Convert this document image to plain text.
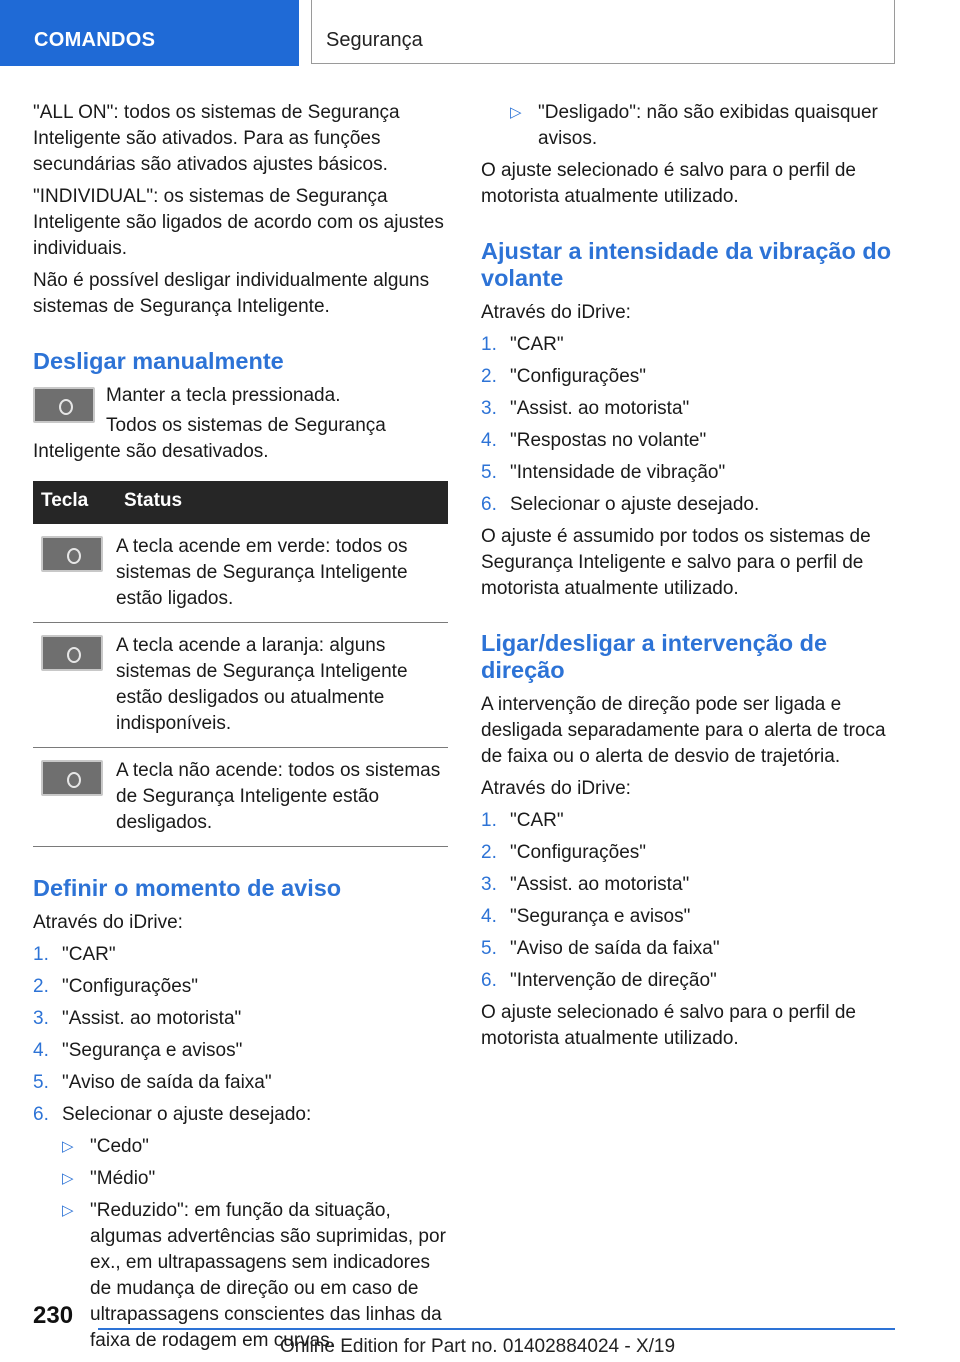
COMANDOS	Segurança

"ALL ON": todos os sistemas de Segurança Inteligente são ativados. Para as funções secundárias são ativados ajustes básicos.

"INDIVIDUAL": os sistemas de Segurança Inteligente são ligados de acordo com os ajustes individuais.

Não é possível desligar individualmente alguns sistemas de Segurança Inteligente.

Desligar manualmente

Manter a tecla pressionada.

Todos os sistemas de Segurança Inteligente são desativados.

Tecla	Status
	A tecla acende em verde: todos os sistemas de Segurança Inteligente estão ligados.
	A tecla acende a laranja: alguns sistemas de Segurança Inteligente estão desligados ou atualmente indisponíveis.
	A tecla não acende: todos os sistemas de Segurança Inteligente estão desligados.
Definir o momento de aviso

Através do iDrive:

1. "CAR"
2. "Configurações"
3. "Assist. ao motorista"
4. "Segurança e avisos"
5. "Aviso de saída da faixa"
6. Selecionar o ajuste desejado:
▷ "Cedo"
▷ "Médio"
▷ "Reduzido": em função da situação, algumas advertências são suprimidas, por ex., em ultrapassagens sem indicadores de mudança de direção ou em caso de ultrapassagens conscientes das linhas da faixa de rodagem em curvas.
▷ "Desligado": não são exibidas quaisquer avisos.

O ajuste selecionado é salvo para o perfil de motorista atualmente utilizado.

Ajustar a intensidade da vibração do volante

Através do iDrive:

1. "CAR"
2. "Configurações"
3. "Assist. ao motorista"
4. "Respostas no volante"
5. "Intensidade de vibração"
6. Selecionar o ajuste desejado.

O ajuste é assumido por todos os sistemas de Segurança Inteligente e salvo para o perfil de motorista atualmente utilizado.

Ligar/desligar a intervenção de direção

A intervenção de direção pode ser ligada e desligada separadamente para o alerta de troca de faixa ou o alerta de desvio de trajetória.

Através do iDrive:

1. "CAR"
2. "Configurações"
3. "Assist. ao motorista"
4. "Segurança e avisos"
5. "Aviso de saída da faixa"
6. "Intervenção de direção"

O ajuste selecionado é salvo para o perfil de motorista atualmente utilizado.

230
Online Edition for Part no. 01402884024 - X/19
